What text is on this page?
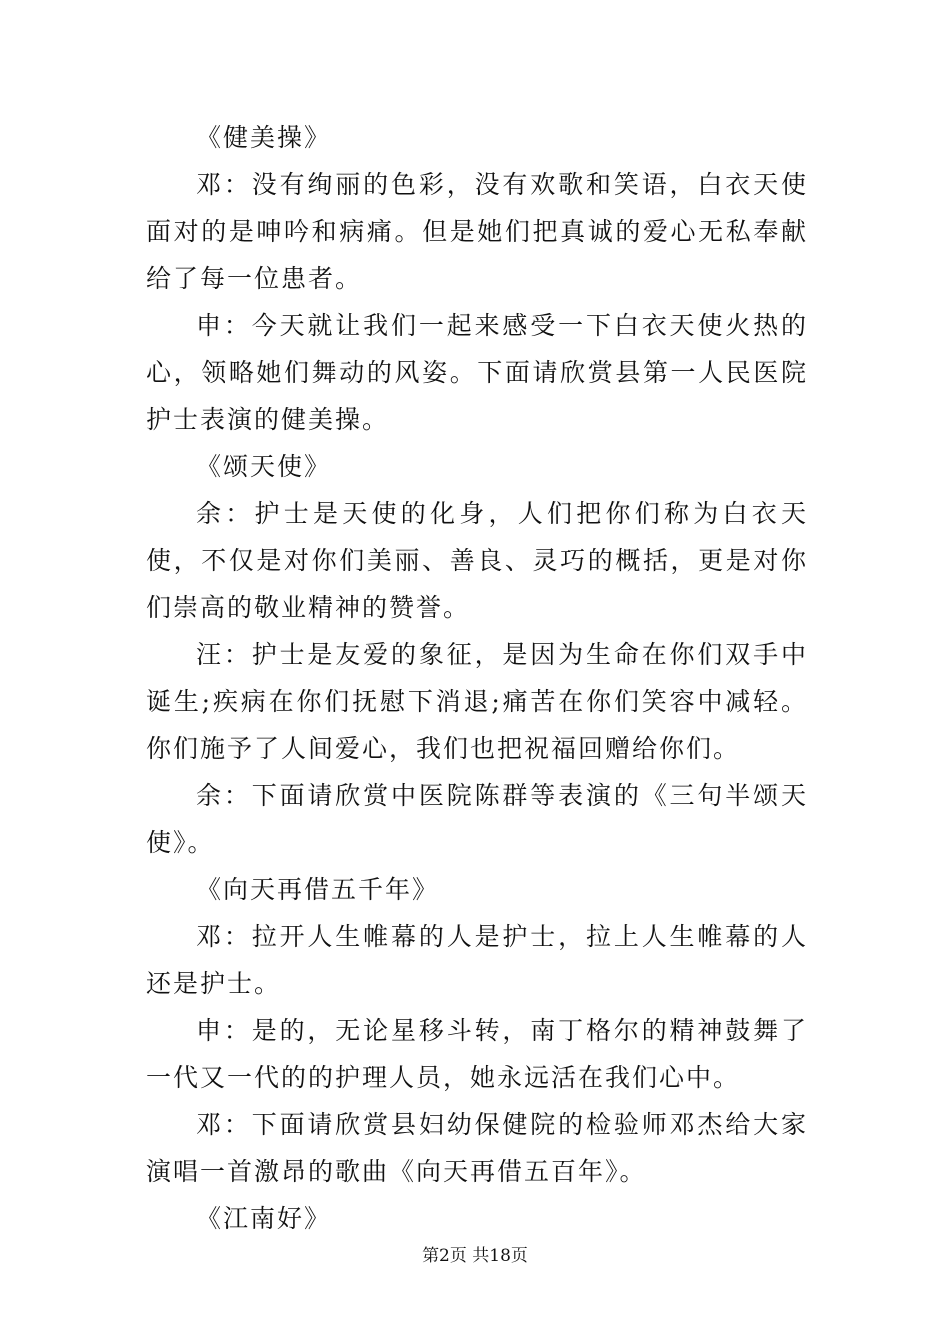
《健美操》

邓：没有绚丽的色彩，没有欢歌和笑语，白衣天使面对的是呻吟和病痛。但是她们把真诚的爱心无私奉献给了每一位患者。

申：今天就让我们一起来感受一下白衣天使火热的心，领略她们舞动的风姿。下面请欣赏县第一人民医院护士表演的健美操。

《颂天使》

余：护士是天使的化身，人们把你们称为白衣天使，不仅是对你们美丽、善良、灵巧的概括，更是对你们崇高的敬业精神的赞誉。

汪：护士是友爱的象征，是因为生命在你们双手中诞生;疾病在你们抚慰下消退;痛苦在你们笑容中减轻。你们施予了人间爱心，我们也把祝福回赠给你们。

余：下面请欣赏中医院陈群等表演的《三句半颂天使》。

《向天再借五千年》

邓：拉开人生帷幕的人是护士，拉上人生帷幕的人还是护士。

申：是的，无论星移斗转，南丁格尔的精神鼓舞了一代又一代的的护理人员，她永远活在我们心中。

邓：下面请欣赏县妇幼保健院的检验师邓杰给大家演唱一首激昂的歌曲《向天再借五百年》。

《江南好》

第2页 共18页
